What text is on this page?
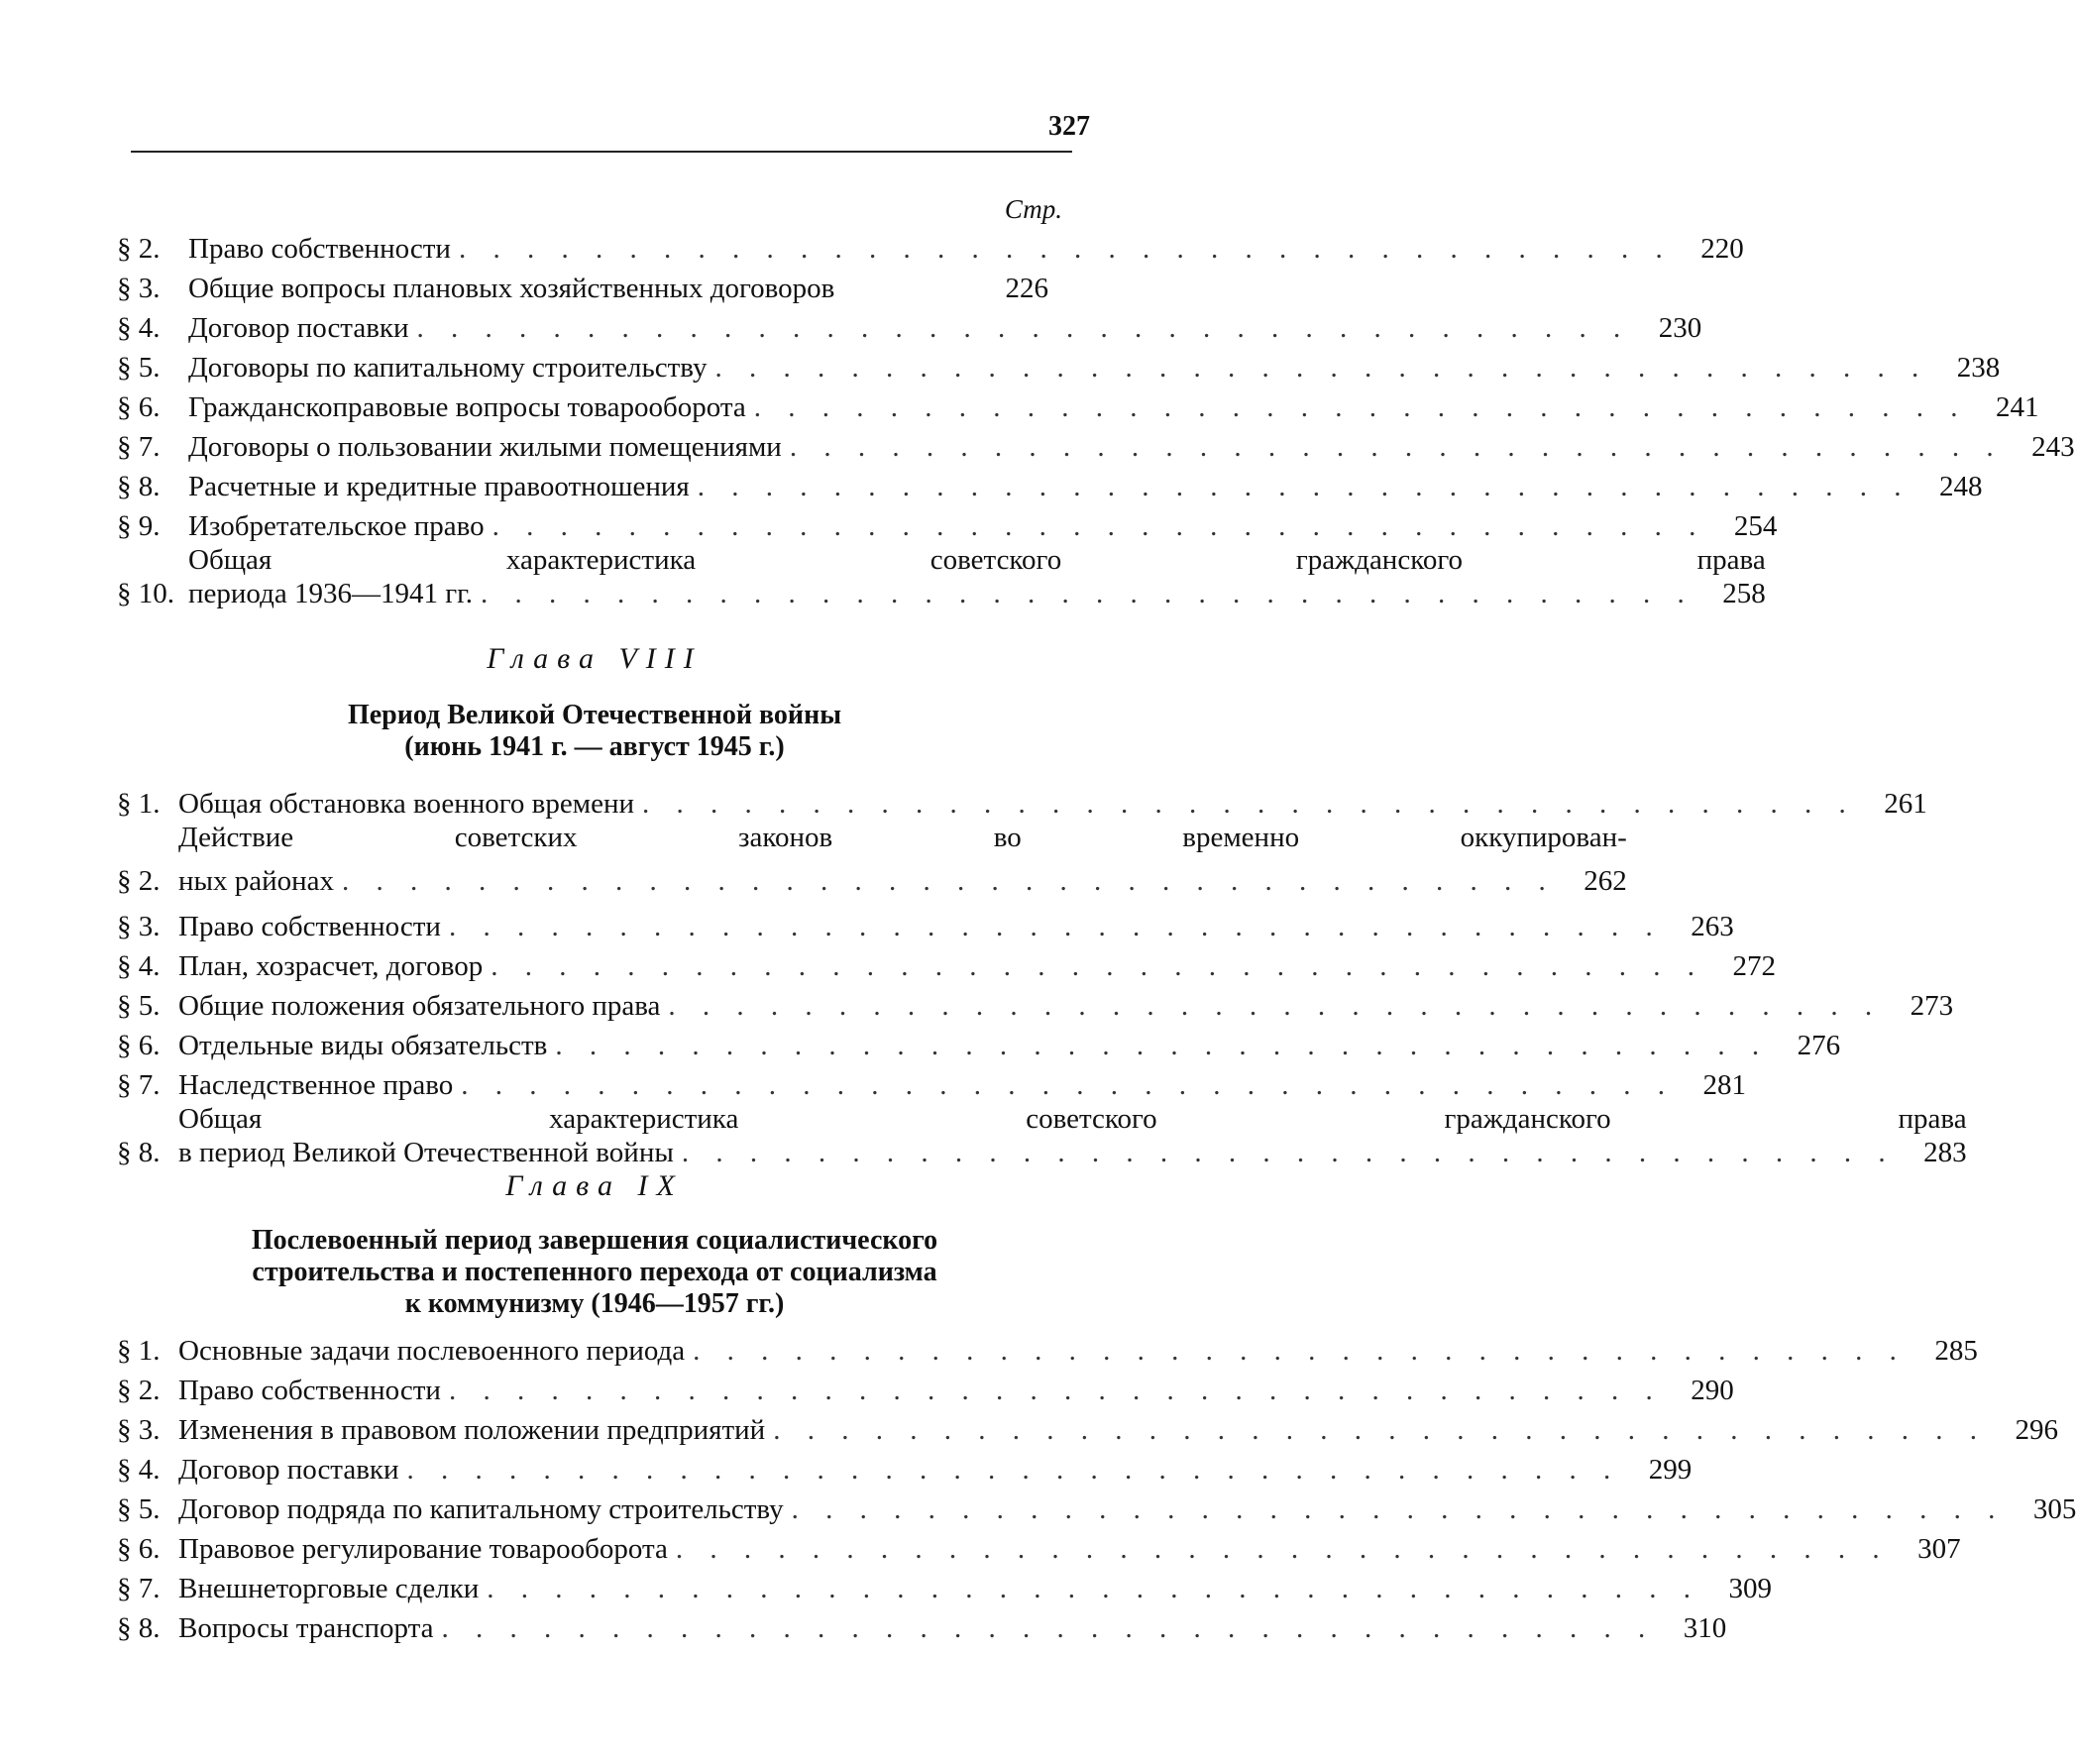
327
Стр.
§ 2. Право собственности . . . . . . . . . . . . . . . . . . . . . . . . . . . . . . . . . . . . 220
§ 3. Общие вопросы плановых хозяйственных договоров	226
§ 4. Договор поставки . . . . . . . . . . . . . . . . . . . . . . . . . . . . . . . . . . . . 230
§ 5. Договоры по капитальному строительству . . . . . . . . . . . . . . . . . . . . . . . . . . . . . . . . . . . . 238
§ 6. Гражданскоправовые вопросы товарооборота . . . . . . . . . . . . . . . . . . . . . . . . . . . . . . . . . . . . 241
§ 7. Договоры о пользовании жилыми помещениями . . . . . . . . . . . . . . . . . . . . . . . . . . . . . . . . . . . . 243
§ 8. Расчетные и кредитные правоотношения . . . . . . . . . . . . . . . . . . . . . . . . . . . . . . . . . . . . 248
§ 9. Изобретательское право . . . . . . . . . . . . . . . . . . . . . . . . . . . . . . . . . . . . 254
§ 10.
Общая характеристика советского гражданского права
периода 1936—1941 гг. . . . . . . . . . . . . . . . . . . . . . . . . . . . . . . . . . . . . 258
Глава VIII
Период Великой Отечественной войны
(июнь 1941 г. — август 1945 г.)
§ 1. Общая обстановка военного времени . . . . . . . . . . . . . . . . . . . . . . . . . . . . . . . . . . . . 261
§ 2.
Действие советских законов во временно оккупирован-
ных районах . . . . . . . . . . . . . . . . . . . . . . . . . . . . . . . . . . . . 262
§ 3. Право собственности . . . . . . . . . . . . . . . . . . . . . . . . . . . . . . . . . . . . 263
§ 4. План, хозрасчет, договор . . . . . . . . . . . . . . . . . . . . . . . . . . . . . . . . . . . . 272
§ 5. Общие положения обязательного права . . . . . . . . . . . . . . . . . . . . . . . . . . . . . . . . . . . . 273
§ 6. Отдельные виды обязательств . . . . . . . . . . . . . . . . . . . . . . . . . . . . . . . . . . . . 276
§ 7. Наследственное право . . . . . . . . . . . . . . . . . . . . . . . . . . . . . . . . . . . . 281
§ 8.
Общая характеристика советского гражданского права
в период Великой Отечественной войны . . . . . . . . . . . . . . . . . . . . . . . . . . . . . . . . . . . . 283
Глава IX
Послевоенный период завершения социалистического
строительства и постепенного перехода от социализма
к коммунизму (1946—1957 гг.)
§ 1. Основные задачи послевоенного периода . . . . . . . . . . . . . . . . . . . . . . . . . . . . . . . . . . . . 285
§ 2. Право собственности . . . . . . . . . . . . . . . . . . . . . . . . . . . . . . . . . . . . 290
§ 3. Изменения в правовом положении предприятий . . . . . . . . . . . . . . . . . . . . . . . . . . . . . . . . . . . . 296
§ 4. Договор поставки . . . . . . . . . . . . . . . . . . . . . . . . . . . . . . . . . . . . 299
§ 5. Договор подряда по капитальному строительству . . . . . . . . . . . . . . . . . . . . . . . . . . . . . . . . . . . . 305
§ 6. Правовое регулирование товарооборота . . . . . . . . . . . . . . . . . . . . . . . . . . . . . . . . . . . . 307
§ 7. Внешнеторговые сделки . . . . . . . . . . . . . . . . . . . . . . . . . . . . . . . . . . . . 309
§ 8. Вопросы транспорта . . . . . . . . . . . . . . . . . . . . . . . . . . . . . . . . . . . . 310
